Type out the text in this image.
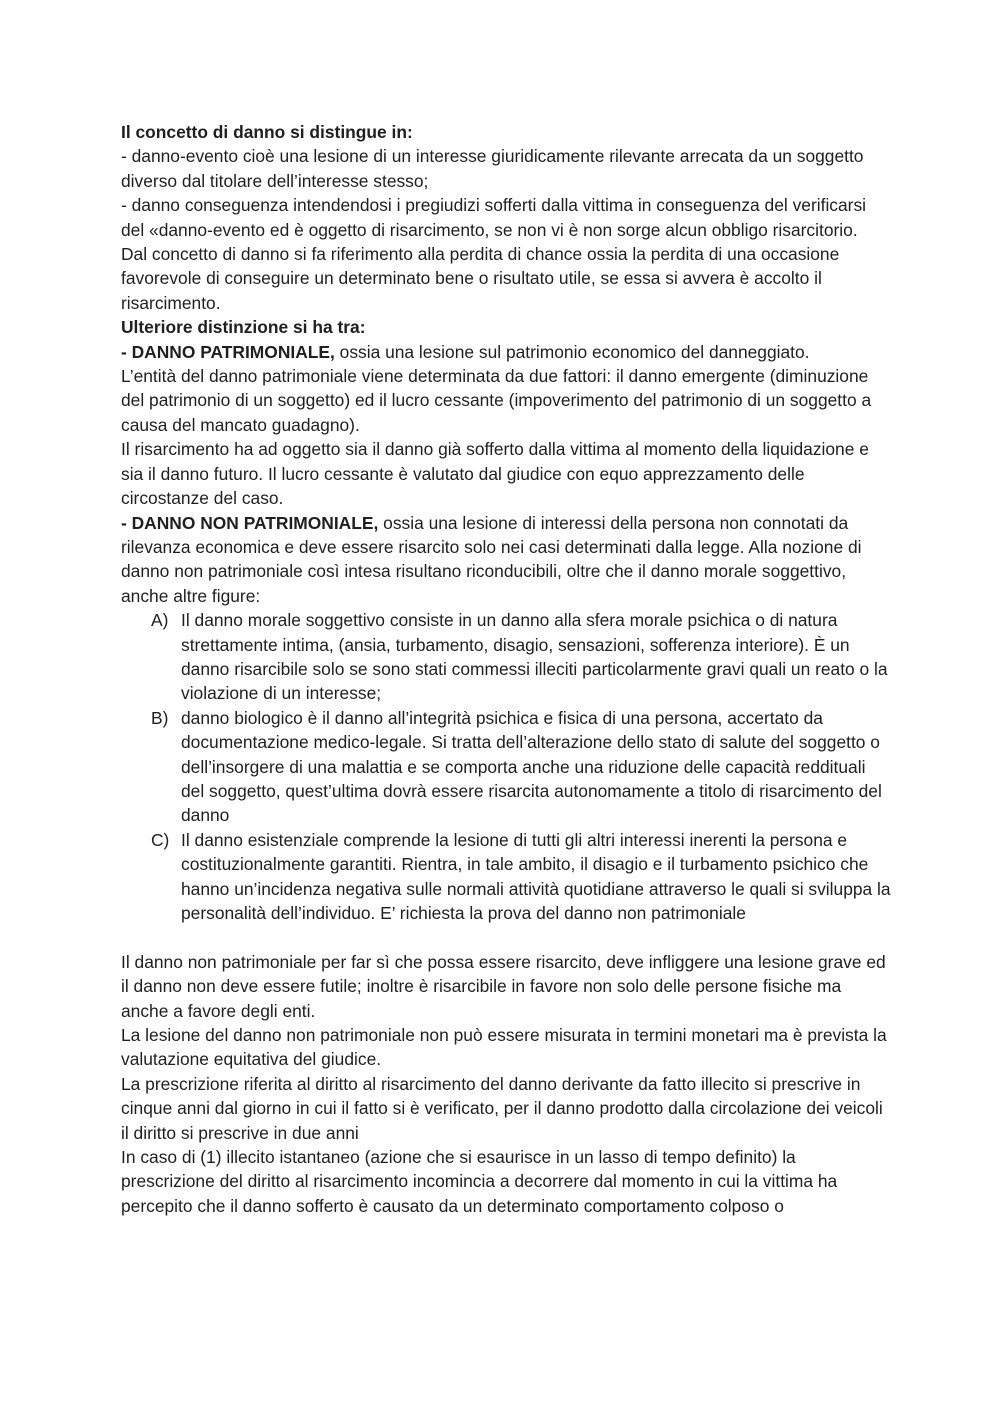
Il concetto di danno si distingue in:

- danno-evento cioè una lesione di un interesse giuridicamente rilevante arrecata da un soggetto diverso dal titolare dell’interesse stesso;

- danno conseguenza intendendosi i pregiudizi sofferti dalla vittima in conseguenza del verificarsi del «danno-evento ed è oggetto di risarcimento, se non vi è non sorge alcun obbligo risarcitorio.

Dal concetto di danno si fa riferimento alla perdita di chance ossia la perdita di una occasione favorevole di conseguire un determinato bene o risultato utile, se essa si avvera è accolto il risarcimento.

Ulteriore distinzione si ha tra:

- DANNO PATRIMONIALE, ossia una lesione sul patrimonio economico del danneggiato.

L’entità del danno patrimoniale viene determinata da due fattori: il danno emergente (diminuzione del patrimonio di un soggetto) ed il lucro cessante (impoverimento del patrimonio di un soggetto a causa del mancato guadagno).

Il risarcimento ha ad oggetto sia il danno già sofferto dalla vittima al momento della liquidazione e sia il danno futuro. Il lucro cessante è valutato dal giudice con equo apprezzamento delle circostanze del caso.

- DANNO NON PATRIMONIALE, ossia una lesione di interessi della persona non connotati da rilevanza economica e deve essere risarcito solo nei casi determinati dalla legge. Alla nozione di danno non patrimoniale così intesa risultano riconducibili, oltre che il danno morale soggettivo, anche altre figure:

A) Il danno morale soggettivo consiste in un danno alla sfera morale psichica o di natura strettamente intima, (ansia, turbamento, disagio, sensazioni, sofferenza interiore). È un danno risarcibile solo se sono stati commessi illeciti particolarmente gravi quali un reato o la violazione di un interesse;
B) danno biologico è il danno all’integrità psichica e fisica di una persona, accertato da documentazione medico-legale. Si tratta dell’alterazione dello stato di salute del soggetto o dell’insorgere di una malattia e se comporta anche una riduzione delle capacità reddituali del soggetto, quest’ultima dovrà essere risarcita autonomamente a titolo di risarcimento del danno
C) Il danno esistenziale comprende la lesione di tutti gli altri interessi inerenti la persona e costituzionalmente garantiti. Rientra, in tale ambito, il disagio e il turbamento psichico che hanno un’incidenza negativa sulle normali attività quotidiane attraverso le quali si sviluppa la personalità dell’individuo. E’ richiesta la prova del danno non patrimoniale

Il danno non patrimoniale per far sì che possa essere risarcito, deve infliggere una lesione grave ed il danno non deve essere futile; inoltre è risarcibile in favore non solo delle persone fisiche ma anche a favore degli enti.

La lesione del danno non patrimoniale non può essere misurata in termini monetari ma è prevista la valutazione equitativa del giudice.

La prescrizione riferita al diritto al risarcimento del danno derivante da fatto illecito si prescrive in cinque anni dal giorno in cui il fatto si è verificato, per il danno prodotto dalla circolazione dei veicoli il diritto si prescrive in due anni

In caso di (1) illecito istantaneo (azione che si esaurisce in un lasso di tempo definito) la prescrizione del diritto al risarcimento incomincia a decorrere dal momento in cui la vittima ha percepito che il danno sofferto è causato da un determinato comportamento colposo o
